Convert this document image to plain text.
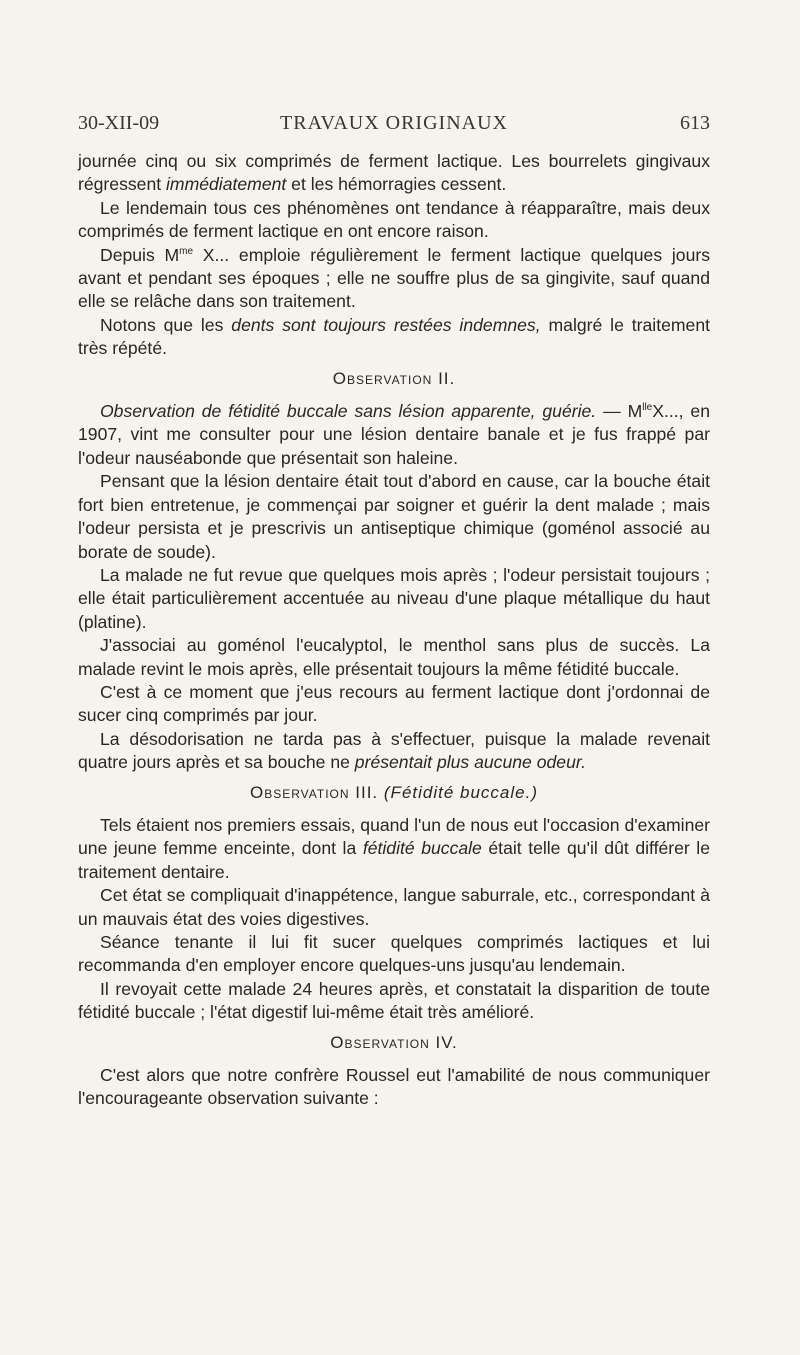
30-XII-09	TRAVAUX ORIGINAUX	613

journée cinq ou six comprimés de ferment lactique. Les bourrelets gingivaux régressent immédiatement et les hémorragies cessent.

Le lendemain tous ces phénomènes ont tendance à réapparaître, mais deux comprimés de ferment lactique en ont encore raison.

Depuis $M^{me}$ X... emploie régulièrement le ferment lactique quelques jours avant et pendant ses époques ; elle ne souffre plus de sa gingivite, sauf quand elle se relâche dans son traitement.

Notons que les dents sont toujours restées indemnes, malgré le traitement très répété.

Observation II.

Observation de fétidité buccale sans lésion apparente, guérie. — $M^{lle}X$..., en 1907, vint me consulter pour une lésion dentaire banale et je fus frappé par l'odeur nauséabonde que présentait son haleine.

Pensant que la lésion dentaire était tout d'abord en cause, car la bouche était fort bien entretenue, je commençai par soigner et guérir la dent malade ; mais l'odeur persista et je prescrivis un antiseptique chimique (goménol associé au borate de soude).

La malade ne fut revue que quelques mois après ; l'odeur persistait toujours ; elle était particulièrement accentuée au niveau d'une plaque métallique du haut (platine).

J'associai au goménol l'eucalyptol, le menthol sans plus de succès. La malade revint le mois après, elle présentait toujours la même fétidité buccale.

C'est à ce moment que j'eus recours au ferment lactique dont j'ordonnai de sucer cinq comprimés par jour.

La désodorisation ne tarda pas à s'effectuer, puisque la malade revenait quatre jours après et sa bouche ne présentait plus aucune odeur.

Observation III. (Fétidité buccale.)

Tels étaient nos premiers essais, quand l'un de nous eut l'occasion d'examiner une jeune femme enceinte, dont la fétidité buccale était telle qu'il dût différer le traitement dentaire.

Cet état se compliquait d'inappétence, langue saburrale, etc., correspondant à un mauvais état des voies digestives.

Séance tenante il lui fit sucer quelques comprimés lactiques et lui recommanda d'en employer encore quelques-uns jusqu'au lendemain.

Il revoyait cette malade 24 heures après, et constatait la disparition de toute fétidité buccale ; l'état digestif lui-même était très amélioré.

Observation IV.

C'est alors que notre confrère Roussel eut l'amabilité de nous communiquer l'encourageante observation suivante :
